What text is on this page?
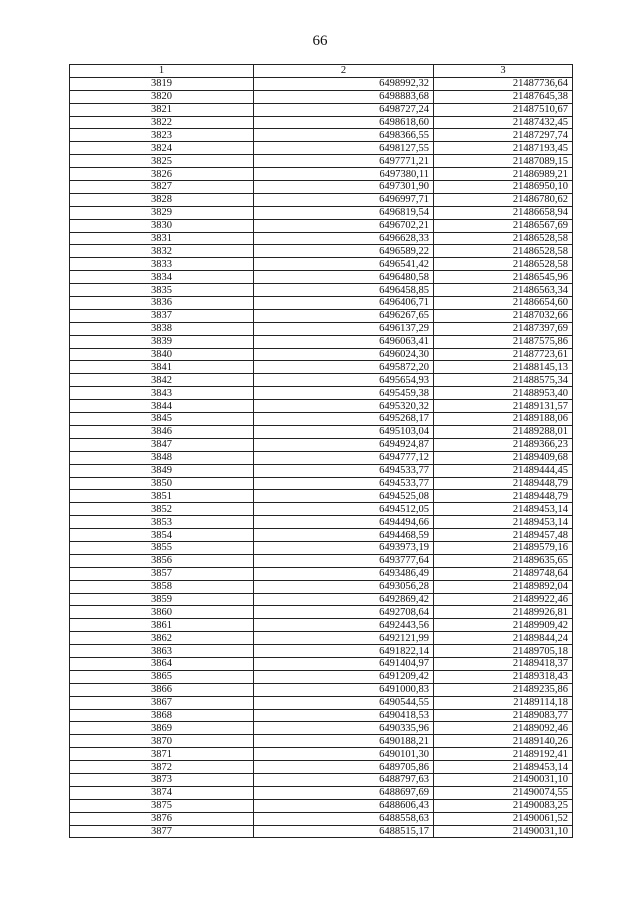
66
1	2	3
3819	6498992,32	21487736,64
3820	6498883,68	21487645,38
3821	6498727,24	21487510,67
3822	6498618,60	21487432,45
3823	6498366,55	21487297,74
3824	6498127,55	21487193,45
3825	6497771,21	21487089,15
3826	6497380,11	21486989,21
3827	6497301,90	21486950,10
3828	6496997,71	21486780,62
3829	6496819,54	21486658,94
3830	6496702,21	21486567,69
3831	6496628,33	21486528,58
3832	6496589,22	21486528,58
3833	6496541,42	21486528,58
3834	6496480,58	21486545,96
3835	6496458,85	21486563,34
3836	6496406,71	21486654,60
3837	6496267,65	21487032,66
3838	6496137,29	21487397,69
3839	6496063,41	21487575,86
3840	6496024,30	21487723,61
3841	6495872,20	21488145,13
3842	6495654,93	21488575,34
3843	6495459,38	21488953,40
3844	6495320,32	21489131,57
3845	6495268,17	21489188,06
3846	6495103,04	21489288,01
3847	6494924,87	21489366,23
3848	6494777,12	21489409,68
3849	6494533,77	21489444,45
3850	6494533,77	21489448,79
3851	6494525,08	21489448,79
3852	6494512,05	21489453,14
3853	6494494,66	21489453,14
3854	6494468,59	21489457,48
3855	6493973,19	21489579,16
3856	6493777,64	21489635,65
3857	6493486,49	21489748,64
3858	6493056,28	21489892,04
3859	6492869,42	21489922,46
3860	6492708,64	21489926,81
3861	6492443,56	21489909,42
3862	6492121,99	21489844,24
3863	6491822,14	21489705,18
3864	6491404,97	21489418,37
3865	6491209,42	21489318,43
3866	6491000,83	21489235,86
3867	6490544,55	21489114,18
3868	6490418,53	21489083,77
3869	6490335,96	21489092,46
3870	6490188,21	21489140,26
3871	6490101,30	21489192,41
3872	6489705,86	21489453,14
3873	6488797,63	21490031,10
3874	6488697,69	21490074,55
3875	6488606,43	21490083,25
3876	6488558,63	21490061,52
3877	6488515,17	21490031,10
